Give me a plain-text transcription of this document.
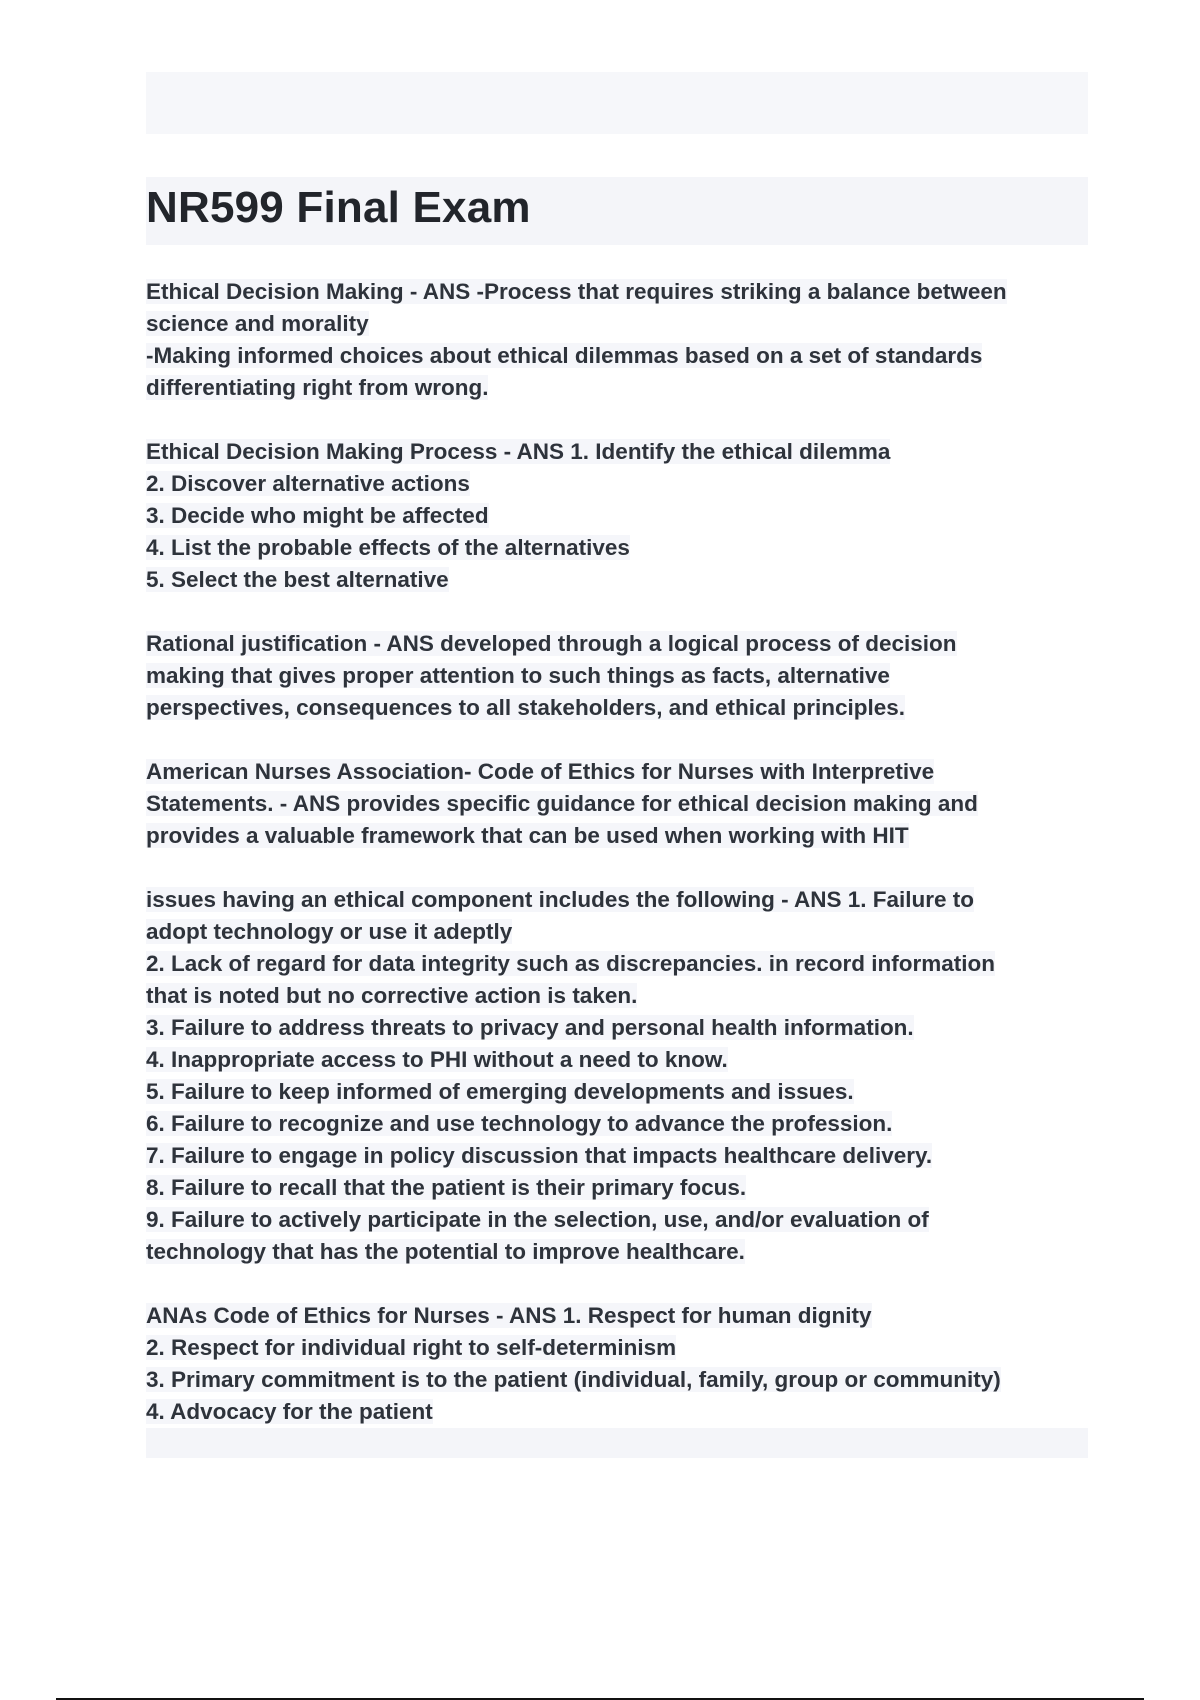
NR599 Final Exam
Ethical Decision Making - ANS -Process that requires striking a balance between
science and morality
-Making informed choices about ethical dilemmas based on a set of standards
differentiating right from wrong.
Ethical Decision Making Process - ANS 1. Identify the ethical dilemma
2. Discover alternative actions
3. Decide who might be affected
4. List the probable effects of the alternatives
5. Select the best alternative
Rational justification - ANS developed through a logical process of decision
making that gives proper attention to such things as facts, alternative
perspectives, consequences to all stakeholders, and ethical principles.
American Nurses Association- Code of Ethics for Nurses with Interpretive
Statements. - ANS provides specific guidance for ethical decision making and
provides a valuable framework that can be used when working with HIT
issues having an ethical component includes the following - ANS 1. Failure to
adopt technology or use it adeptly
2. Lack of regard for data integrity such as discrepancies. in record information
that is noted but no corrective action is taken.
3. Failure to address threats to privacy and personal health information.
4. Inappropriate access to PHI without a need to know.
5. Failure to keep informed of emerging developments and issues.
6. Failure to recognize and use technology to advance the profession.
7. Failure to engage in policy discussion that impacts healthcare delivery.
8. Failure to recall that the patient is their primary focus.
9. Failure to actively participate in the selection, use, and/or evaluation of
technology that has the potential to improve healthcare.
ANAs Code of Ethics for Nurses - ANS 1. Respect for human dignity
2. Respect for individual right to self-determinism
3. Primary commitment is to the patient (individual, family, group or community)
4. Advocacy for the patient
